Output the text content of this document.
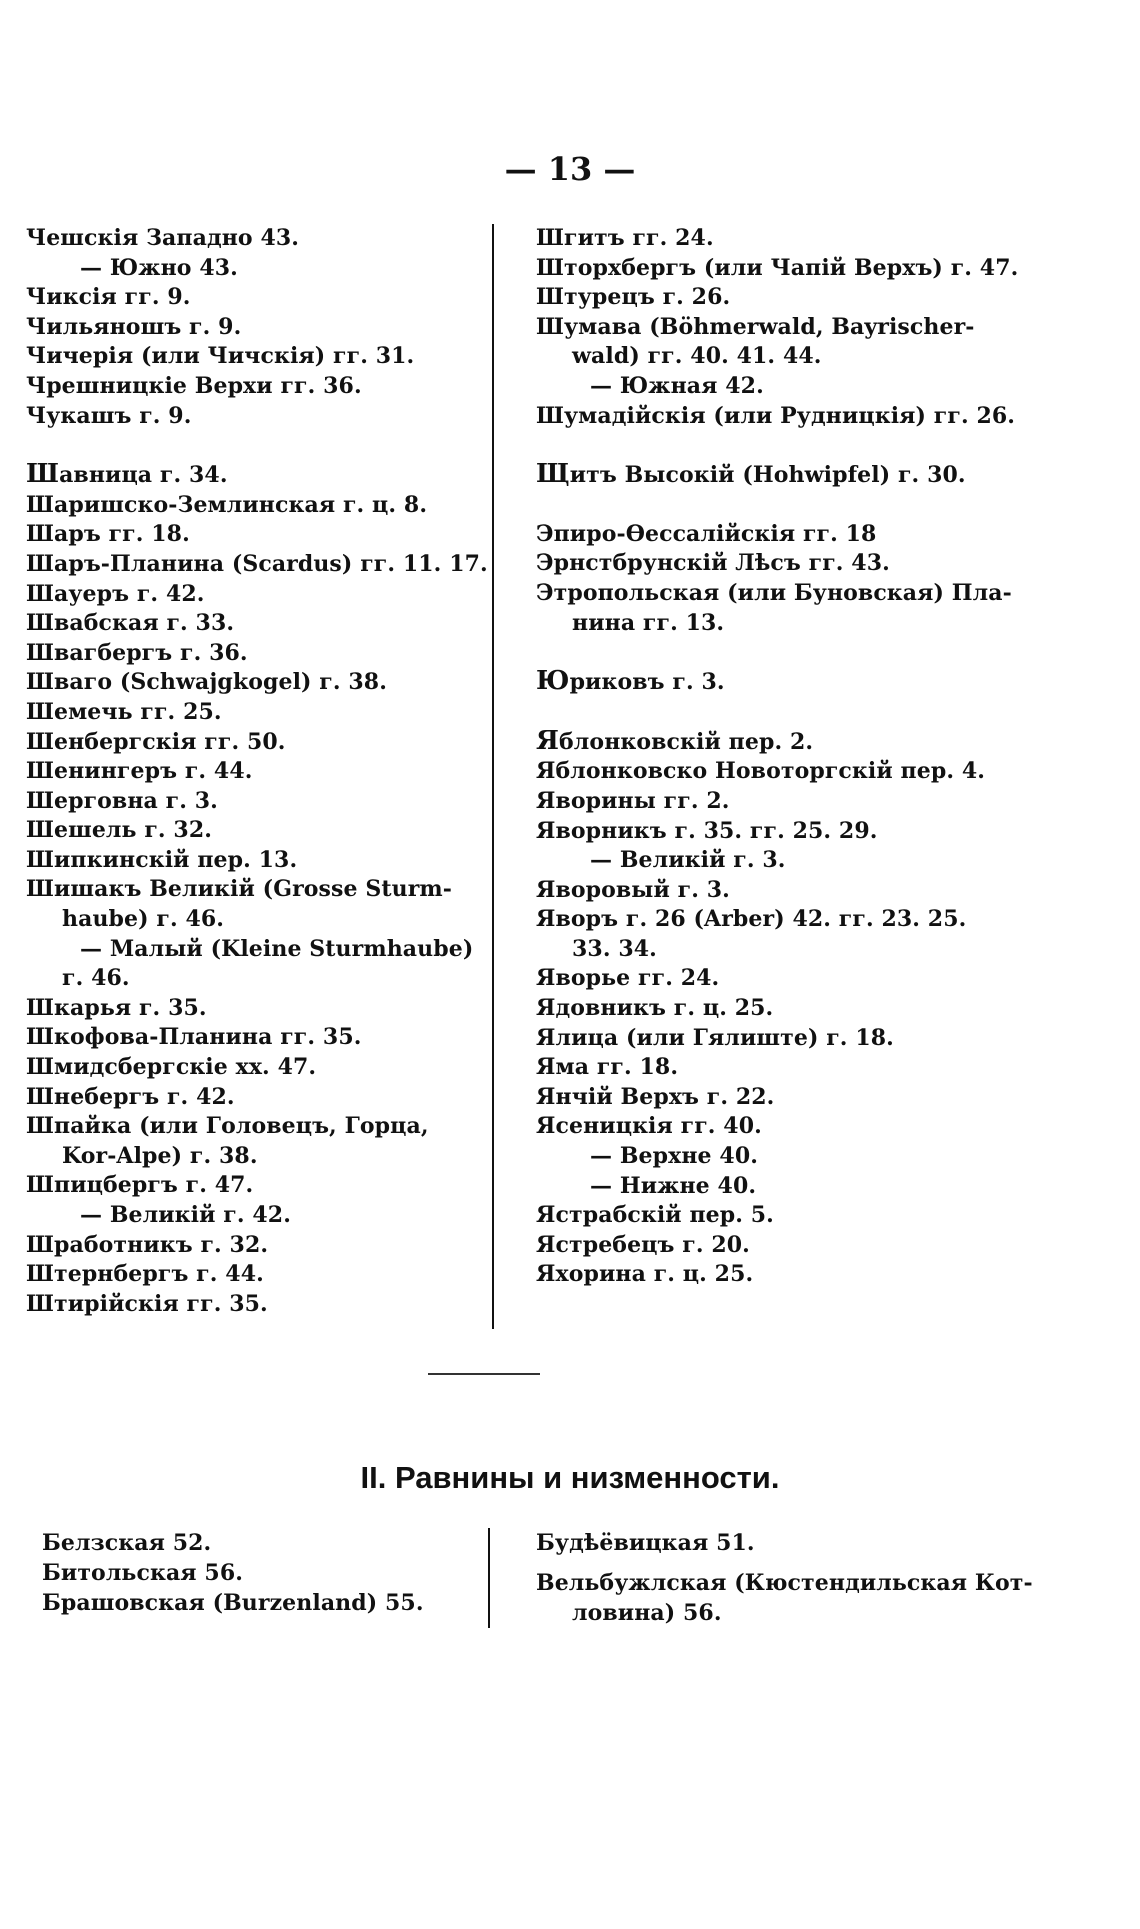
— 13 —
Чешскія Западно 43.
— Южно 43.
Чиксія гг. 9.
Чильяношъ г. 9.
Чичерія (или Чичскія) гг. 31.
Чрешницкіе Верхи гг. 36.
Чукашъ г. 9.
Шавница г. 34.
Шаришско-Землинская г. ц. 8.
Шаръ гг. 18.
Шаръ-Планина (Scardus) гг. 11. 17.
Шауеръ г. 42.
Швабская г. 33.
Швагбергъ г. 36.
Шваго (Schwajgkogel) г. 38.
Шемечь гг. 25.
Шенбергскія гг. 50.
Шенингеръ г. 44.
Шерговна г. 3.
Шешель г. 32.
Шипкинскій пер. 13.
Шишакъ Великій (Grosse Sturm-
haube) г. 46.
— Малый (Kleine Sturmhaube)
г. 46.
Шкарья г. 35.
Шкофова-Планина гг. 35.
Шмидсбергскіе хх. 47.
Шнебергъ г. 42.
Шпайка (или Головецъ, Горца,
Kor-Alpe) г. 38.
Шпицбергъ г. 47.
— Великій г. 42.
Шработникъ г. 32.
Штернбергъ г. 44.
Штирійскія гг. 35.
Шгитъ гг. 24.
Шторхбергъ (или Чапій Верхъ) г. 47.
Штурецъ г. 26.
Шумава (Böhmerwald, Bayrischer-
wald) гг. 40. 41. 44.
— Южная 42.
Шумадійскія (или Рудницкія) гг. 26.
Щитъ Высокій (Hohwipfel) г. 30.
Эпиро-Өессалійскія гг. 18
Эрнстбрунскій Лѣсъ гг. 43.
Этропольская (или Буновская) Пла-
нина гг. 13.
Юриковъ г. 3.
Яблонковскій пер. 2.
Яблонковско Новоторгскій пер. 4.
Яворины гг. 2.
Яворникъ г. 35. гг. 25. 29.
— Великій г. 3.
Яворовый г. 3.
Яворъ г. 26 (Arber) 42. гг. 23. 25.
33. 34.
Яворье гг. 24.
Ядовникъ г. ц. 25.
Ялица (или Гялиште) г. 18.
Яма гг. 18.
Янчій Верхъ г. 22.
Ясеницкія гг. 40.
— Верхне 40.
— Нижне 40.
Ястрабскій пер. 5.
Ястребецъ г. 20.
Яхорина г. ц. 25.
II. Равнины и низменности.
Белзская 52.
Битольская 56.
Брашовская (Burzenland) 55.
Будѣёвицкая 51.
Вельбужлская (Кюстендильская Кот-
ловина) 56.
